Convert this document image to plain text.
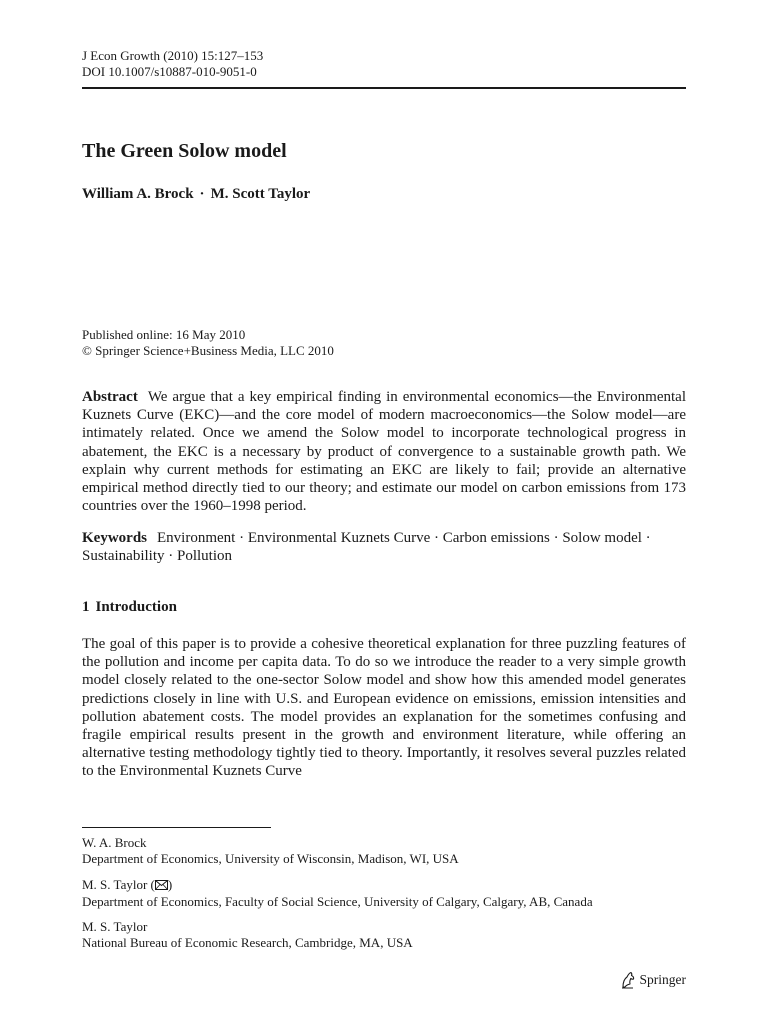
J Econ Growth (2010) 15:127–153
DOI 10.1007/s10887-010-9051-0
The Green Solow model
William A. Brock · M. Scott Taylor
Published online: 16 May 2010
© Springer Science+Business Media, LLC 2010
Abstract We argue that a key empirical finding in environmental economics—the Environmental Kuznets Curve (EKC)—and the core model of modern macroeconomics—the Solow model—are intimately related. Once we amend the Solow model to incorporate technological progress in abatement, the EKC is a necessary by product of convergence to a sustainable growth path. We explain why current methods for estimating an EKC are likely to fail; provide an alternative empirical method directly tied to our theory; and estimate our model on carbon emissions from 173 countries over the 1960–1998 period.
Keywords Environment · Environmental Kuznets Curve · Carbon emissions · Solow model · Sustainability · Pollution
1 Introduction
The goal of this paper is to provide a cohesive theoretical explanation for three puzzling features of the pollution and income per capita data. To do so we introduce the reader to a very simple growth model closely related to the one-sector Solow model and show how this amended model generates predictions closely in line with U.S. and European evidence on emissions, emission intensities and pollution abatement costs. The model provides an explanation for the sometimes confusing and fragile empirical results present in the growth and environment literature, while offering an alternative testing methodology tightly tied to theory. Importantly, it resolves several puzzles related to the Environmental Kuznets Curve
W. A. Brock
Department of Economics, University of Wisconsin, Madison, WI, USA
M. S. Taylor ( )
Department of Economics, Faculty of Social Science, University of Calgary, Calgary, AB, Canada
M. S. Taylor
National Bureau of Economic Research, Cambridge, MA, USA
Springer
